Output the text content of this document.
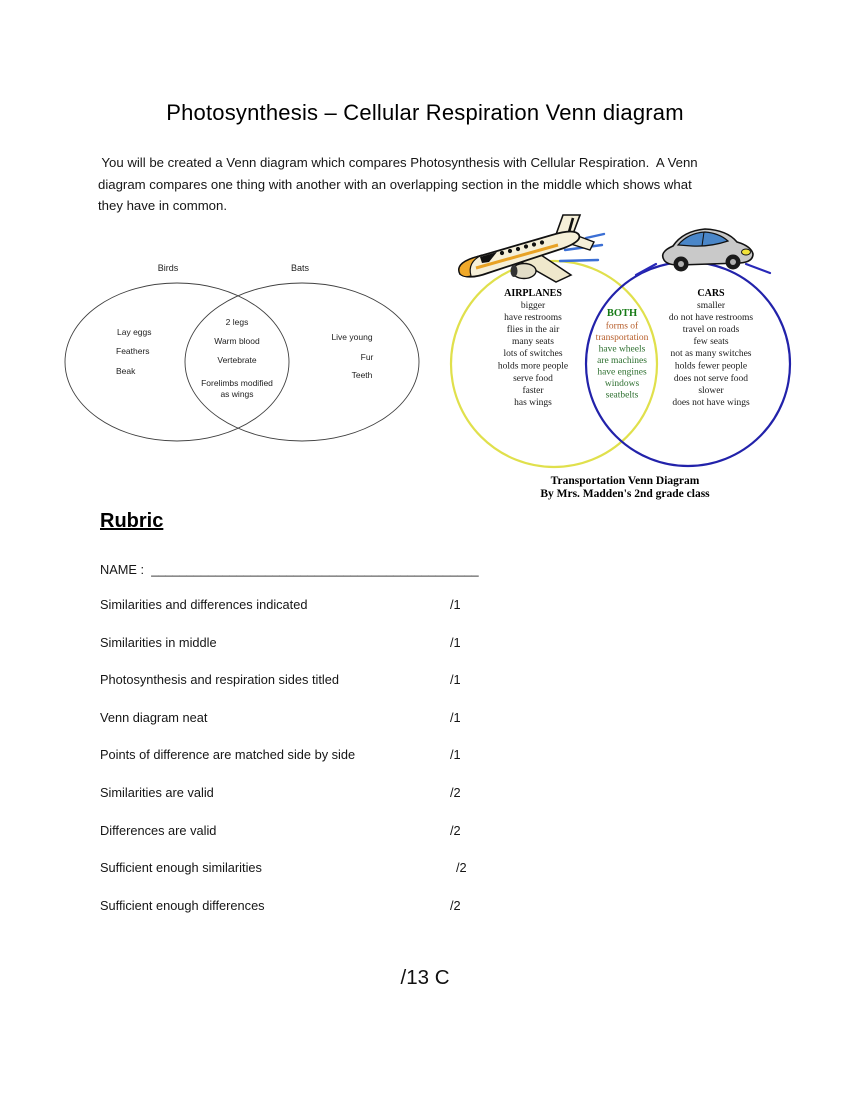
Photosynthesis – Cellular Respiration Venn diagram
You will be created a Venn diagram which compares Photosynthesis with Cellular Respiration.  A Venn
diagram compares one thing with another with an overlapping section in the middle which shows what
they have in common.
Birds	Bats
Lay eggs
Feathers
Beak
2 legs
Warm blood
Vertebrate
Forelimbs modified
as wings
Live young
Fur
Teeth
AIRPLANES
bigger
have restrooms
flies in the air
many seats
lots of switches
holds more people
serve food
faster
has wings
BOTH
forms of
transportation
have wheels
are machines
have engines
windows
seatbelts
CARS
smaller
do not have restrooms
travel on roads
few seats
not as many switches
holds fewer people
does not serve food
slower
does not have wings
Transportation Venn Diagram
By Mrs. Madden's 2nd grade class
Rubric
NAME :  ______________________________________________
Similarities and differences indicated	/1
Similarities in middle	/1
Photosynthesis and respiration sides titled	/1
Venn diagram neat	/1
Points of difference are matched side by side	/1
Similarities are valid	/2
Differences are valid	/2
Sufficient enough similarities	/2
Sufficient enough differences	/2
/13 C
